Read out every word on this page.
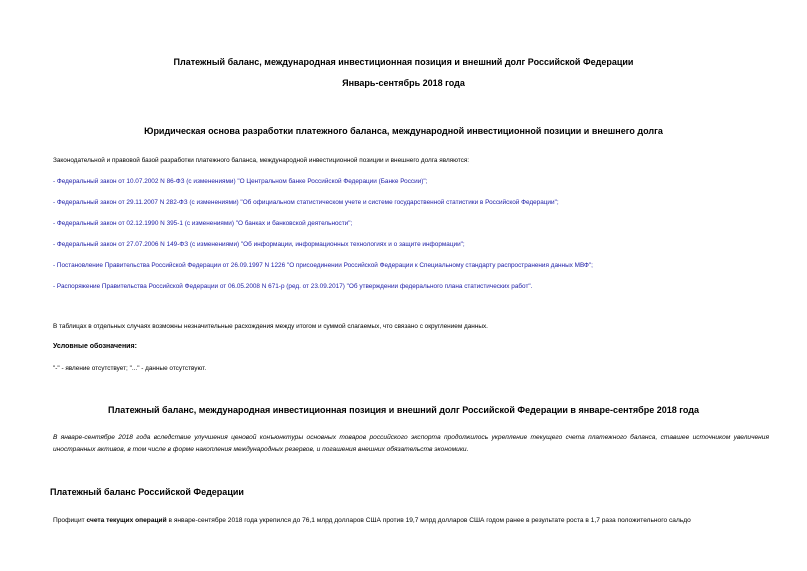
Платежный баланс, международная инвестиционная позиция и внешний долг Российской Федерации
Январь-сентябрь 2018 года
Юридическая основа разработки платежного баланса, международной инвестиционной позиции и внешнего долга
Законодательной и правовой базой разработки платежного баланса, международной инвестиционной позиции и внешнего долга являются:
- Федеральный закон от 10.07.2002 N 86-ФЗ (с изменениями) "О Центральном банке Российской Федерации (Банке России)";
- Федеральный закон от 29.11.2007 N 282-ФЗ (с изменениями) "Об официальном статистическом учете и системе государственной статистики в Российской Федерации";
- Федеральный закон от 02.12.1990 N 395-1 (с изменениями) "О банках и банковской деятельности";
- Федеральный закон от 27.07.2006 N 149-ФЗ (с изменениями) "Об информации, информационных технологиях и о защите информации";
- Постановление Правительства Российской Федерации от 26.09.1997 N 1226 "О присоединении Российской Федерации к Специальному стандарту распространения данных МВФ";
- Распоряжение Правительства Российской Федерации от 06.05.2008 N 671-р (ред. от 23.09.2017) "Об утверждении федерального плана статистических работ".
В таблицах в отдельных случаях возможны незначительные расхождения между итогом и суммой слагаемых, что связано с округлением данных.
Условные обозначения:
"-" - явление отсутствует; "..." - данные отсутствуют.
Платежный баланс, международная инвестиционная позиция и внешний долг Российской Федерации в январе-сентябре 2018 года
В январе-сентябре 2018 года вследствие улучшения ценовой конъюнктуры основных товаров российского экспорта продолжилось укрепление текущего счета платежного баланса, ставшее источником увеличения иностранных активов, в том числе в форме накопления международных резервов, и погашения внешних обязательств экономики.
Платежный баланс Российской Федерации
Профицит счета текущих операций в январе-сентябре 2018 года укрепился до 76,1 млрд долларов США против 19,7 млрд долларов США годом ранее в результате роста в 1,7 раза положительного сальдо
